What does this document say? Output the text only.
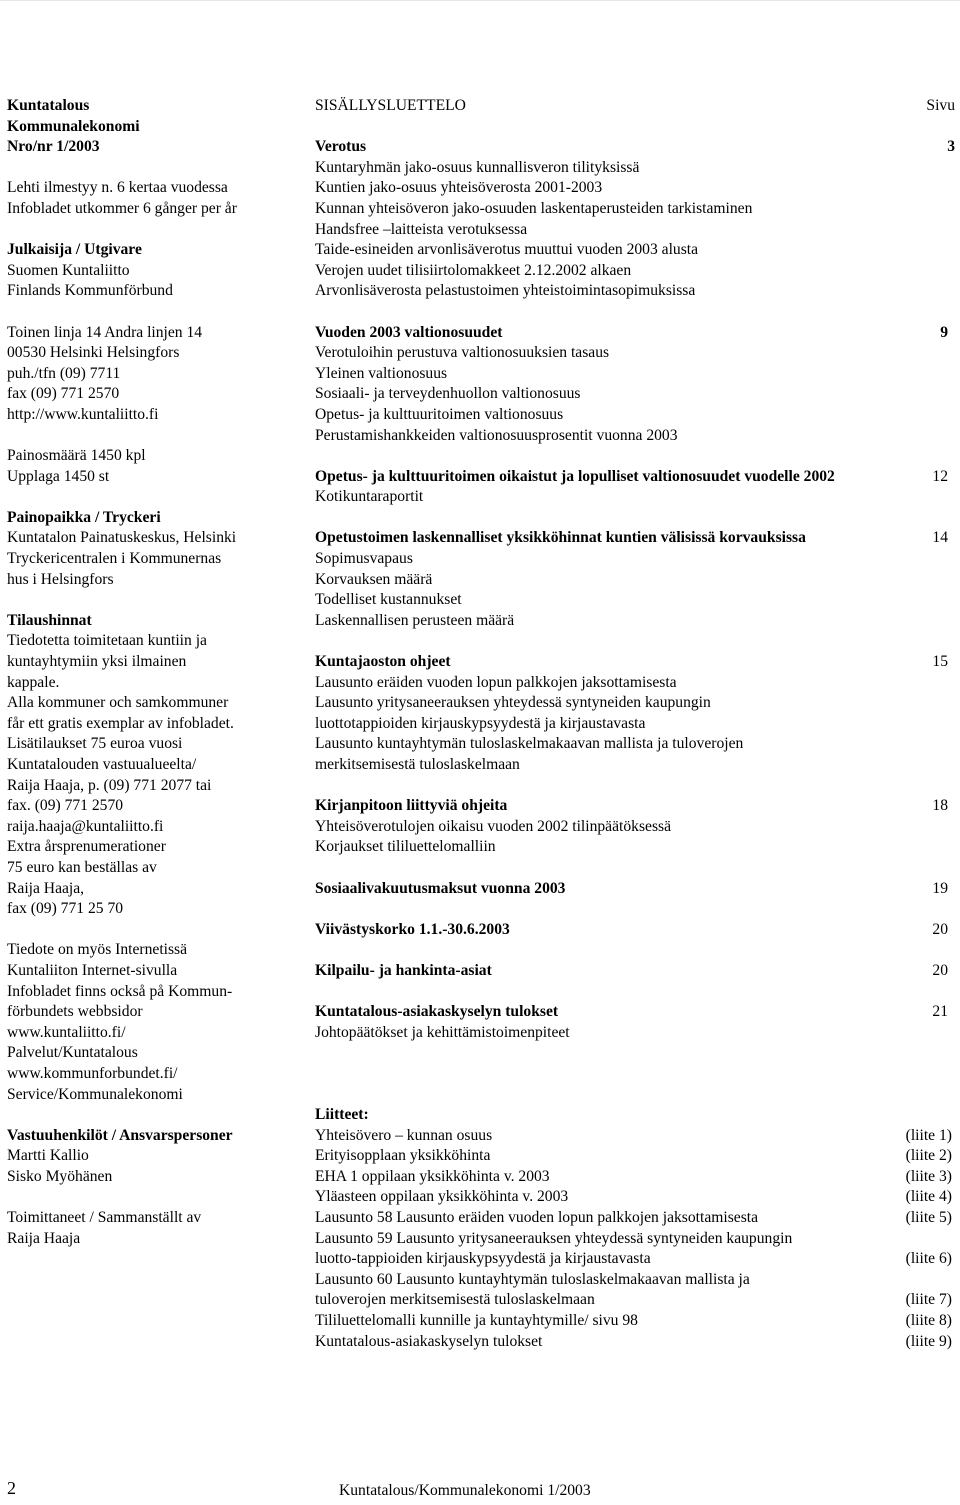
Kuntatalous
Kommunalekonomi
Nro/nr 1/2003
Lehti ilmestyy n. 6 kertaa vuodessa
Infobladet utkommer 6 gånger per år
Julkaisija / Utgivare
Suomen Kuntaliitto
Finlands Kommunförbund
Toinen linja 14 Andra linjen 14
00530 Helsinki Helsingfors
puh./tfn (09) 7711
fax (09) 771 2570
http://www.kuntaliitto.fi
Painosmäärä 1450 kpl
Upplaga 1450 st
Painopaikka / Tryckeri
Kuntatalon Painatuskeskus, Helsinki
Tryckericentralen i Kommunernas
hus i Helsingfors
Tilaushinnat
Tiedotetta toimitetaan kuntiin ja
kuntayhtymiin yksi ilmainen
kappale.
Alla kommuner och samkommuner
får ett gratis exemplar av infobladet.
Lisätilaukset 75 euroa vuosi
Kuntatalouden vastuualueelta/
Raija Haaja, p. (09) 771 2077 tai
fax. (09) 771 2570
raija.haaja@kuntaliitto.fi
Extra årsprenumerationer
75 euro kan beställas av
Raija Haaja,
fax (09) 771 25 70
Tiedote on myös Internetissä
Kuntaliiton Internet-sivulla
Infobladet finns också på Kommun-
förbundets webbsidor
www.kuntaliitto.fi/
Palvelut/Kuntatalous
www.kommunforbundet.fi/
Service/Kommunalekonomi
Vastuuhenkilöt / Ansvarspersoner
Martti Kallio
Sisko Myöhänen
Toimittaneet / Sammanställt av
Raija Haaja
SISÄLLYSLUETTELO	Sivu
Verotus	3
Kuntaryhmän jako-osuus kunnallisveron tilityksissä
Kuntien jako-osuus yhteisöverosta 2001-2003
Kunnan yhteisöveron jako-osuuden laskentaperusteiden tarkistaminen
Handsfree –laitteista verotuksessa
Taide-esineiden arvonlisäverotus muuttui vuoden 2003 alusta
Verojen uudet tilisiirtolomakkeet 2.12.2002 alkaen
Arvonlisäverosta pelastustoimen yhteistoimintasopimuksissa
Vuoden 2003 valtionosuudet	9
Verotuloihin perustuva valtionosuuksien tasaus
Yleinen valtionosuus
Sosiaali- ja terveydenhuollon valtionosuus
Opetus- ja kulttuuritoimen valtionosuus
Perustamishankkeiden valtionosuusprosentit vuonna 2003
Opetus- ja kulttuuritoimen oikaistut ja lopulliset valtionosuudet vuodelle 2002	12
Kotikuntaraportit
Opetustoimen laskennalliset yksikköhinnat kuntien välisissä korvauksissa	14
Sopimusvapaus
Korvauksen määrä
Todelliset kustannukset
Laskennallisen perusteen määrä
Kuntajaoston ohjeet	15
Lausunto eräiden vuoden lopun palkkojen jaksottamisesta
Lausunto yritysaneerauksen yhteydessä syntyneiden kaupungin
luottotappioiden kirjauskypsyydestä ja kirjaustavasta
Lausunto kuntayhtymän tuloslaskelmakaavan mallista ja tuloverojen
merkitsemisestä tuloslaskelmaan
Kirjanpitoon liittyviä ohjeita	18
Yhteisöverotulojen oikaisu vuoden 2002 tilinpäätöksessä
Korjaukset tililuettelomalliin
Sosiaalivakuutusmaksut vuonna 2003	19
Viivästyskorko 1.1.-30.6.2003	20
Kilpailu- ja hankinta-asiat	20
Kuntatalous-asiakaskyselyn tulokset	21
Johtopäätökset ja kehittämistoimenpiteet
Liitteet:
Yhteisövero – kunnan osuus	(liite 1)
Erityisopplaan yksikköhinta	(liite 2)
EHA 1 oppilaan yksikköhinta v. 2003	(liite 3)
Yläasteen oppilaan yksikköhinta v. 2003	(liite 4)
Lausunto 58 Lausunto eräiden vuoden lopun palkkojen jaksottamisesta	(liite 5)
Lausunto 59 Lausunto yritysaneerauksen yhteydessä syntyneiden kaupungin
luotto-tappioiden kirjauskypsyydestä ja kirjaustavasta	(liite 6)
Lausunto 60 Lausunto kuntayhtymän tuloslaskelmakaavan mallista ja
tuloverojen merkitsemisestä tuloslaskelmaan	(liite 7)
Tililuettelomalli kunnille ja kuntayhtymille/ sivu 98	(liite 8)
Kuntatalous-asiakaskyselyn tulokset	(liite 9)
2	Kuntatalous/Kommunalekonomi 1/2003
